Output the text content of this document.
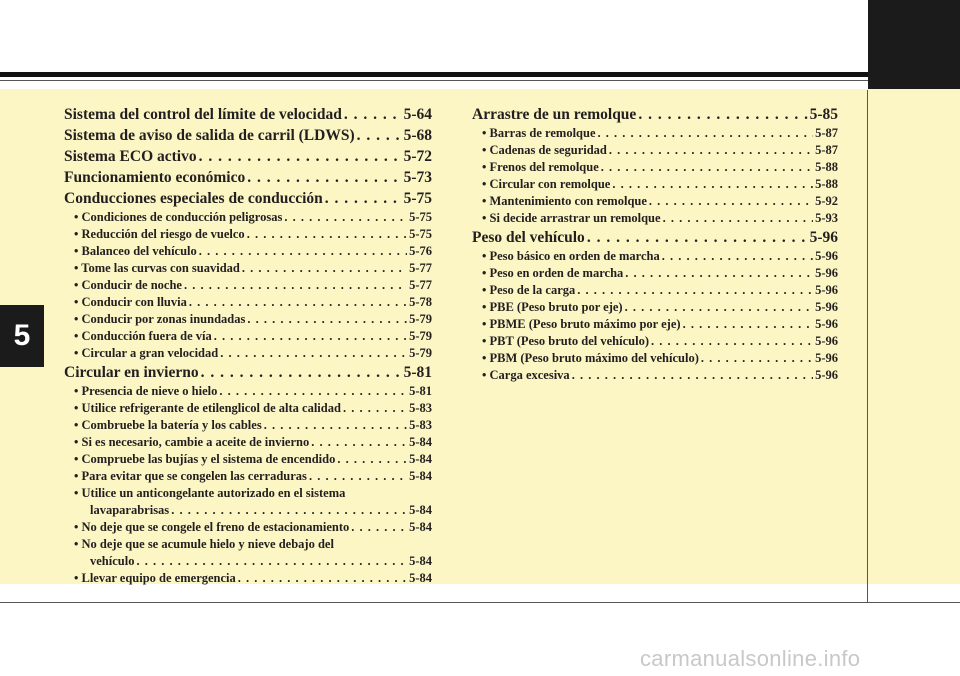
5
Sistema del control del límite de velocidad . . .	5-64
Sistema de aviso de salida de carril (LDWS) . . .	5-68
Sistema ECO activo . . .	5-72
Funcionamiento económico . . .	5-73
Conducciones especiales de conducción . . .	5-75
• Condiciones de conducción peligrosas . . .	5-75
• Reducción del riesgo de vuelco . . .	5-75
• Balanceo del vehículo . . .	5-76
• Tome las curvas con suavidad . . .	5-77
• Conducir de noche . . .	5-77
• Conducir con lluvia . . .	5-78
• Conducir por zonas inundadas . . .	5-79
• Conducción fuera de vía . . .	5-79
• Circular a gran velocidad . . .	5-79
Circular en invierno . . .	5-81
• Presencia de nieve o hielo . . .	5-81
• Utilice refrigerante de etilenglicol de alta calidad . . .	5-83
• Combruebe la batería y los cables . . .	5-83
• Si es necesario, cambie a aceite de invierno . . .	5-84
• Compruebe las bujías y el sistema de encendido . . .	5-84
• Para evitar que se congelen las cerraduras . . .	5-84
• Utilice un anticongelante autorizado en el sistema
lavaparabrisas . . .	5-84
• No deje que se congele el freno de estacionamiento . . .	5-84
• No deje que se acumule hielo y nieve debajo del
vehículo . . .	5-84
• Llevar equipo de emergencia . . .	5-84
Arrastre de un remolque . . .	5-85
• Barras de remolque . . .	5-87
• Cadenas de seguridad . . .	5-87
• Frenos del remolque . . .	5-88
• Circular con remolque . . .	5-88
• Mantenimiento con remolque . . .	5-92
• Si decide arrastrar un remolque . . .	5-93
Peso del vehículo . . .	5-96
• Peso básico en orden de marcha . . .	5-96
• Peso en orden de marcha . . .	5-96
• Peso de la carga . . .	5-96
• PBE (Peso bruto por eje) . . .	5-96
• PBME (Peso bruto máximo por eje) . . .	5-96
• PBT (Peso bruto del vehículo) . . .	5-96
• PBM (Peso bruto máximo del vehículo) . . .	5-96
• Carga excesiva . . .	5-96
carmanualsonline.info
